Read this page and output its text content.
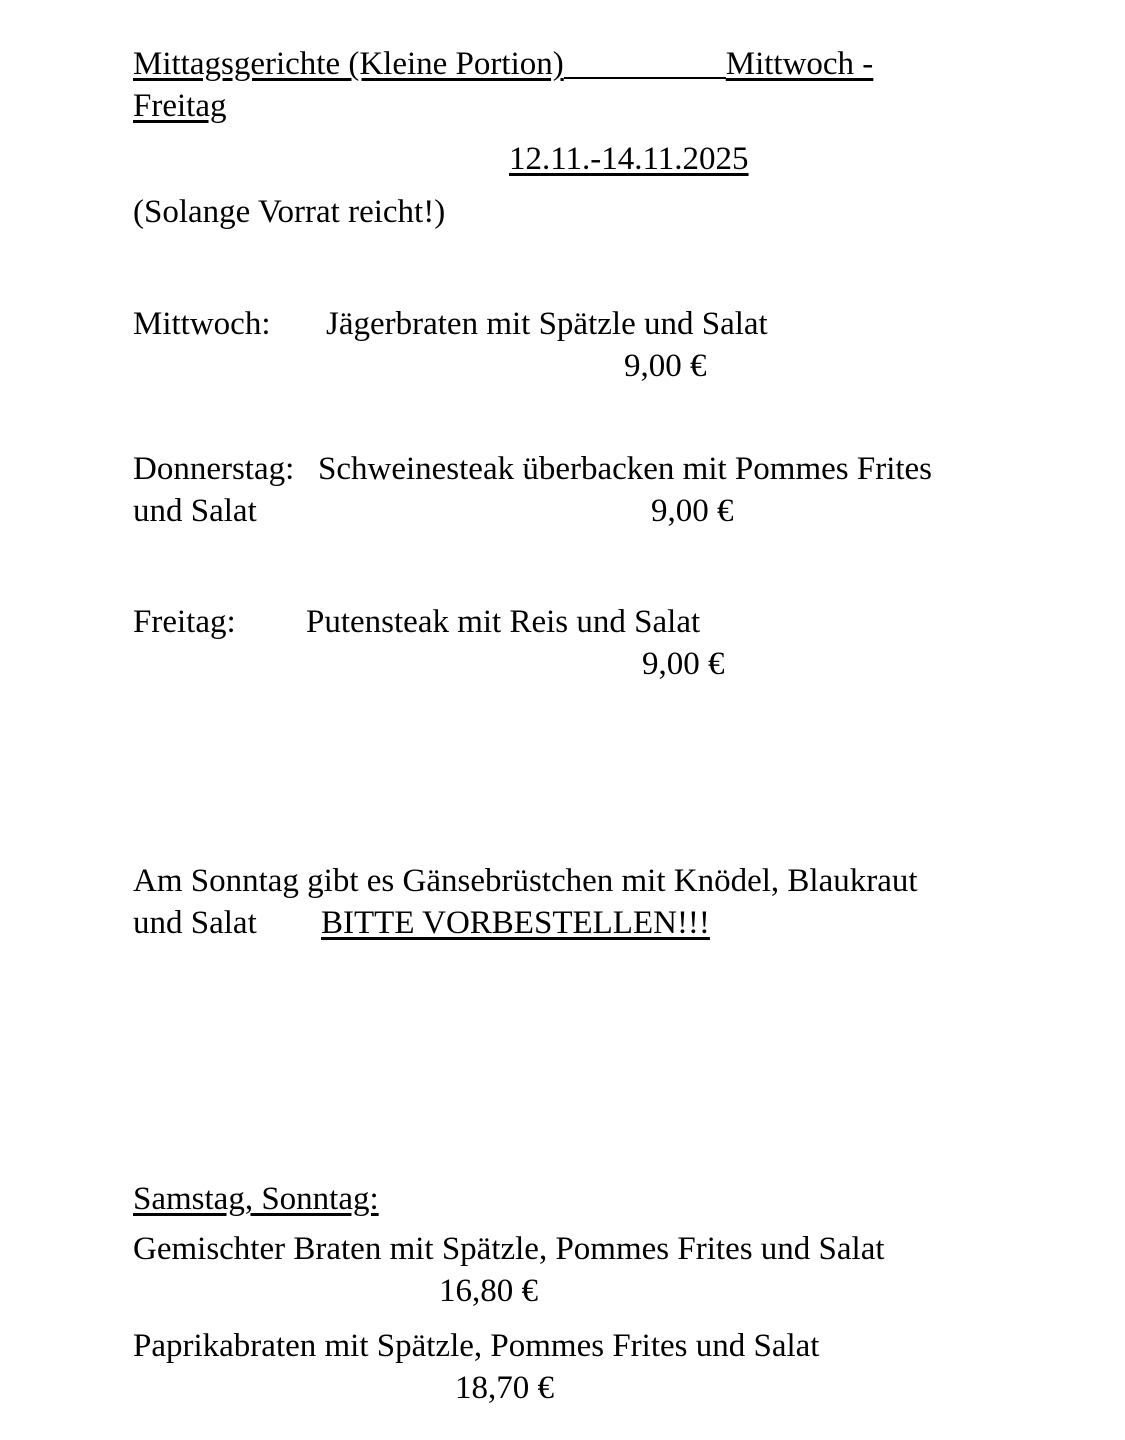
Mittagsgerichte (Kleine Portion)	Mittwoch -
Freitag
12.11.-14.11.2025
(Solange Vorrat reicht!)
Mittwoch: Jägerbraten mit Spätzle und Salat
9,00 €
Donnerstag: Schweinesteak überbacken mit Pommes Frites
und Salat	9,00 €
Freitag: Putensteak mit Reis und Salat
9,00 €
Am Sonntag gibt es Gänsebrüstchen mit Knödel, Blaukraut
und Salat BITTE VORBESTELLEN!!!
Samstag, Sonntag:
Gemischter Braten mit Spätzle, Pommes Frites und Salat
16,80 €
Paprikabraten mit Spätzle, Pommes Frites und Salat
18,70 €
